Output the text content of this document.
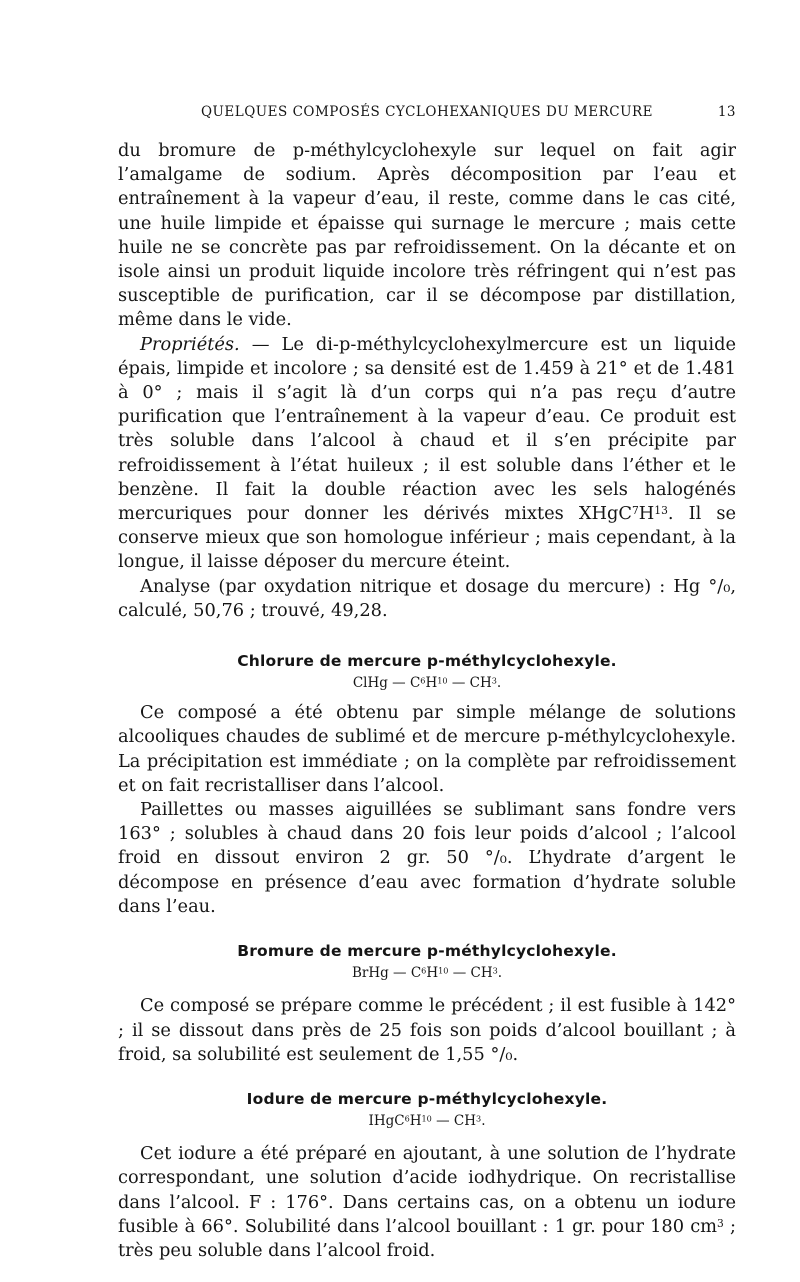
QUELQUES COMPOSÉS CYCLOHEXANIQUES DU MERCURE	13

du bromure de p-méthylcyclohexyle sur lequel on fait agir l’amalgame de sodium. Après décomposition par l’eau et entraînement à la vapeur d’eau, il reste, comme dans le cas cité, une huile limpide et épaisse qui surnage le mercure ; mais cette huile ne se concrète pas par refroidissement. On la décante et on isole ainsi un produit liquide incolore très réfringent qui n’est pas susceptible de purification, car il se décompose par distillation, même dans le vide.

Propriétés. — Le di-p-méthylcyclohexylmercure est un liquide épais, limpide et incolore ; sa densité est de 1.459 à 21° et de 1.481 à 0° ; mais il s’agit là d’un corps qui n’a pas reçu d’autre purification que l’entraînement à la vapeur d’eau. Ce produit est très soluble dans l’alcool à chaud et il s’en précipite par refroidissement à l’état huileux ; il est soluble dans l’éther et le benzène. Il fait la double réaction avec les sels halogénés mercuriques pour donner les dérivés mixtes $XHgC^7H^{13}$. Il se conserve mieux que son homologue inférieur ; mais cependant, à la longue, il laisse déposer du mercure éteint.

Analyse (par oxydation nitrique et dosage du mercure) : Hg °/₀, calculé, 50,76 ; trouvé, 49,28.

Chlorure de mercure p-méthylcyclohexyle.

ClHg — $C^6H^{10}$ — $CH^3$.

Ce composé a été obtenu par simple mélange de solutions alcooliques chaudes de sublimé et de mercure p-méthylcyclohexyle. La précipitation est immédiate ; on la complète par refroidissement et on fait recristalliser dans l’alcool.

Paillettes ou masses aiguillées se sublimant sans fondre vers 163° ; solubles à chaud dans 20 fois leur poids d’alcool ; l’alcool froid en dissout environ 2 gr. 50 °/₀. L’hydrate d’argent le décompose en présence d’eau avec formation d’hydrate soluble dans l’eau.

Bromure de mercure p-méthylcyclohexyle.

BrHg — $C^6H^{10}$ — $CH^3$.

Ce composé se prépare comme le précédent ; il est fusible à 142° ; il se dissout dans près de 25 fois son poids d’alcool bouillant ; à froid, sa solubilité est seulement de 1,55 °/₀.

Iodure de mercure p-méthylcyclohexyle.

$IHgC^6H^{10}$ — $CH^3$.

Cet iodure a été préparé en ajoutant, à une solution de l’hydrate correspondant, une solution d’acide iodhydrique. On recristallise dans l’alcool. F : 176°. Dans certains cas, on a obtenu un iodure fusible à 66°. Solubilité dans l’alcool bouillant : 1 gr. pour 180 $cm^3$ ; très peu soluble dans l’alcool froid.
